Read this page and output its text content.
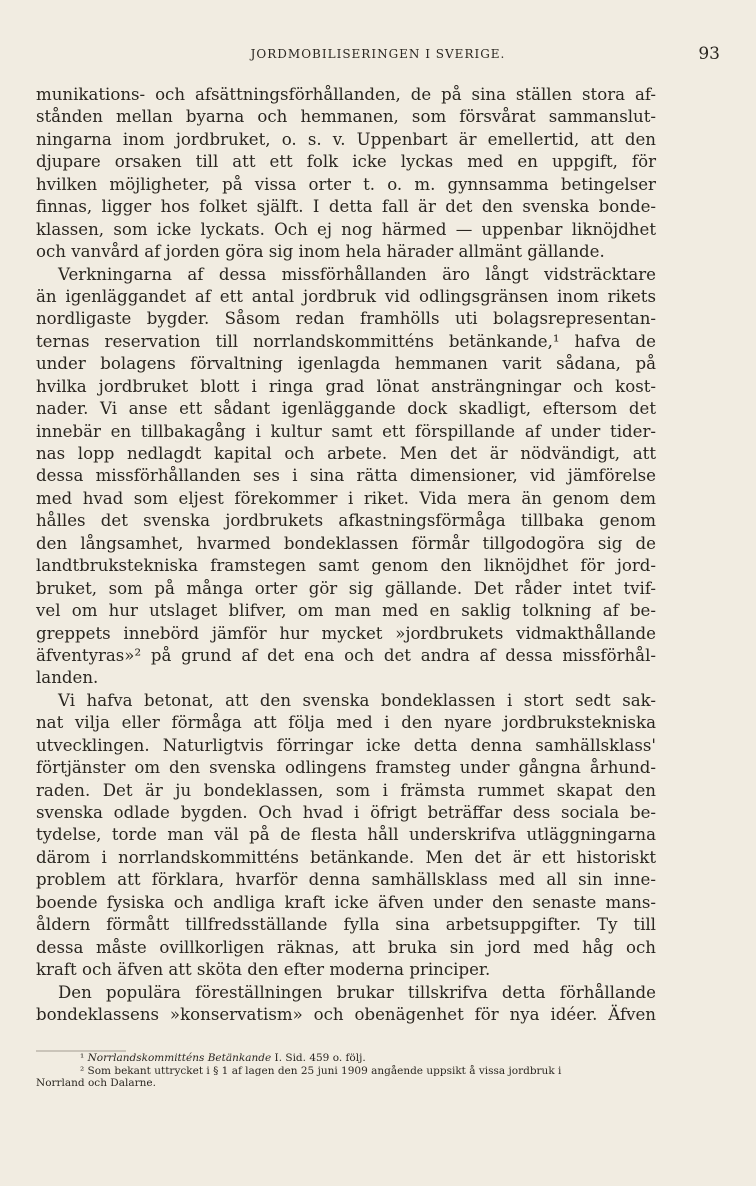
JORDMOBILISERINGEN I SVERIGE.	93
munikations- och afsättningsförhållanden, de på sina ställen stora af-
stånden mellan byarna och hemmanen, som försvårat sammanslut-
ningarna inom jordbruket, o. s. v. Uppenbart är emellertid, att den
djupare orsaken till att ett folk icke lyckas med en uppgift, för
hvilken möjligheter, på vissa orter t. o. m. gynnsamma betingelser
finnas, ligger hos folket själft. I detta fall är det den svenska bonde-
klassen, som icke lyckats. Och ej nog härmed — uppenbar liknöjdhet
och vanvård af jorden göra sig inom hela härader allmänt gällande.
Verkningarna af dessa missförhållanden äro långt vidsträcktare
än igenläggandet af ett antal jordbruk vid odlingsgränsen inom rikets
nordligaste bygder. Såsom redan framhölls uti bolagsrepresentan-
ternas reservation till norrlandskommitténs betänkande,¹ hafva de
under bolagens förvaltning igenlagda hemmanen varit sådana, på
hvilka jordbruket blott i ringa grad lönat ansträngningar och kost-
nader. Vi anse ett sådant igenläggande dock skadligt, eftersom det
innebär en tillbakagång i kultur samt ett förspillande af under tider-
nas lopp nedlagdt kapital och arbete. Men det är nödvändigt, att
dessa missförhållanden ses i sina rätta dimensioner, vid jämförelse
med hvad som eljest förekommer i riket. Vida mera än genom dem
hålles det svenska jordbrukets afkastningsförmåga tillbaka genom
den långsamhet, hvarmed bondeklassen förmår tillgodogöra sig de
landtbrukstekniska framstegen samt genom den liknöjdhet för jord-
bruket, som på många orter gör sig gällande. Det råder intet tvif-
vel om hur utslaget blifver, om man med en saklig tolkning af be-
greppets innebörd jämför hur mycket »jordbrukets vidmakthållande
äfventyras»² på grund af det ena och det andra af dessa missförhål-
landen.
Vi hafva betonat, att den svenska bondeklassen i stort sedt sak-
nat vilja eller förmåga att följa med i den nyare jordbrukstekniska
utvecklingen. Naturligtvis förringar icke detta denna samhällsklass'
förtjänster om den svenska odlingens framsteg under gångna århund-
raden. Det är ju bondeklassen, som i främsta rummet skapat den
svenska odlade bygden. Och hvad i öfrigt beträffar dess sociala be-
tydelse, torde man väl på de flesta håll underskrifva utläggningarna
därom i norrlandskommitténs betänkande. Men det är ett historiskt
problem att förklara, hvarför denna samhällsklass med all sin inne-
boende fysiska och andliga kraft icke äfven under den senaste mans-
åldern förmått tillfredsställande fylla sina arbetsuppgifter. Ty till
dessa måste ovillkorligen räknas, att bruka sin jord med håg och
kraft och äfven att sköta den efter moderna principer.
Den populära föreställningen brukar tillskrifva detta förhållande
bondeklassens »konservatism» och obenägenhet för nya idéer. Äfven
¹ Norrlandskommitténs Betänkande I. Sid. 459 o. följ.
² Som bekant uttrycket i § 1 af lagen den 25 juni 1909 angående uppsikt å vissa jordbruk i
Norrland och Dalarne.
